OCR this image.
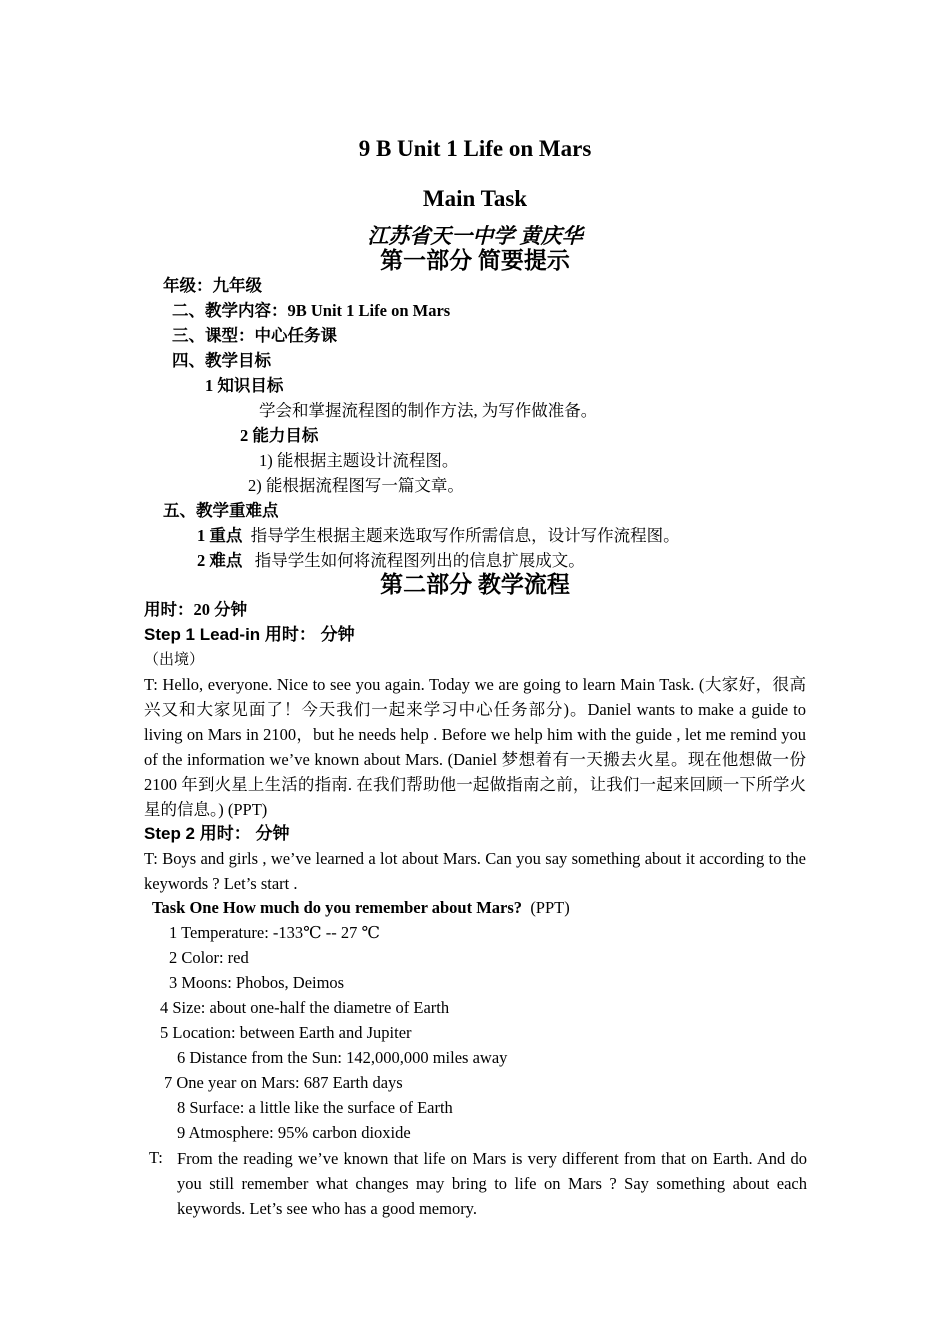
9 B Unit 1 Life on Mars
Main Task
江苏省天一中学 黄庆华
第一部分 简要提示
年级：九年级
二、教学内容：9B Unit 1 Life on Mars
三、课型：中心任务课
四、教学目标
1 知识目标
学会和掌握流程图的制作方法, 为写作做准备。
2 能力目标
1) 能根据主题设计流程图。
2) 能根据流程图写一篇文章。
五、教学重难点
1 重点 指导学生根据主题来选取写作所需信息，设计写作流程图。
2 难点 指导学生如何将流程图列出的信息扩展成文。
第二部分 教学流程
用时：20 分钟
Step 1 Lead-in 用时： 分钟
（出境）
T: Hello, everyone. Nice to see you again. Today we are going to learn Main Task. (大家好，很高兴又和大家见面了！今天我们一起来学习中心任务部分)。Daniel wants to make a guide to living on Mars in 2100，but he needs help . Before we help him with the guide , let me remind you of the information we’ve known about Mars. (Daniel 梦想着有一天搬去火星。现在他想做一份 2100 年到火星上生活的指南. 在我们帮助他一起做指南之前，让我们一起来回顾一下所学火星的信息。) (PPT)
Step 2 用时： 分钟
T: Boys and girls , we’ve learned a lot about Mars. Can you say something about it according to the keywords ? Let’s start .
Task One How much do you remember about Mars? (PPT)
1 Temperature: -133℃ -- 27 ℃
2 Color: red
3 Moons: Phobos, Deimos
4 Size: about one-half the diametre of Earth
5 Location: between Earth and Jupiter
6 Distance from the Sun: 142,000,000 miles away
7 One year on Mars: 687 Earth days
8 Surface: a little like the surface of Earth
9 Atmosphere: 95% carbon dioxide
T: From the reading we’ve known that life on Mars is very different from that on Earth. And do you still remember what changes may bring to life on Mars ? Say something about each keywords. Let’s see who has a good memory.
